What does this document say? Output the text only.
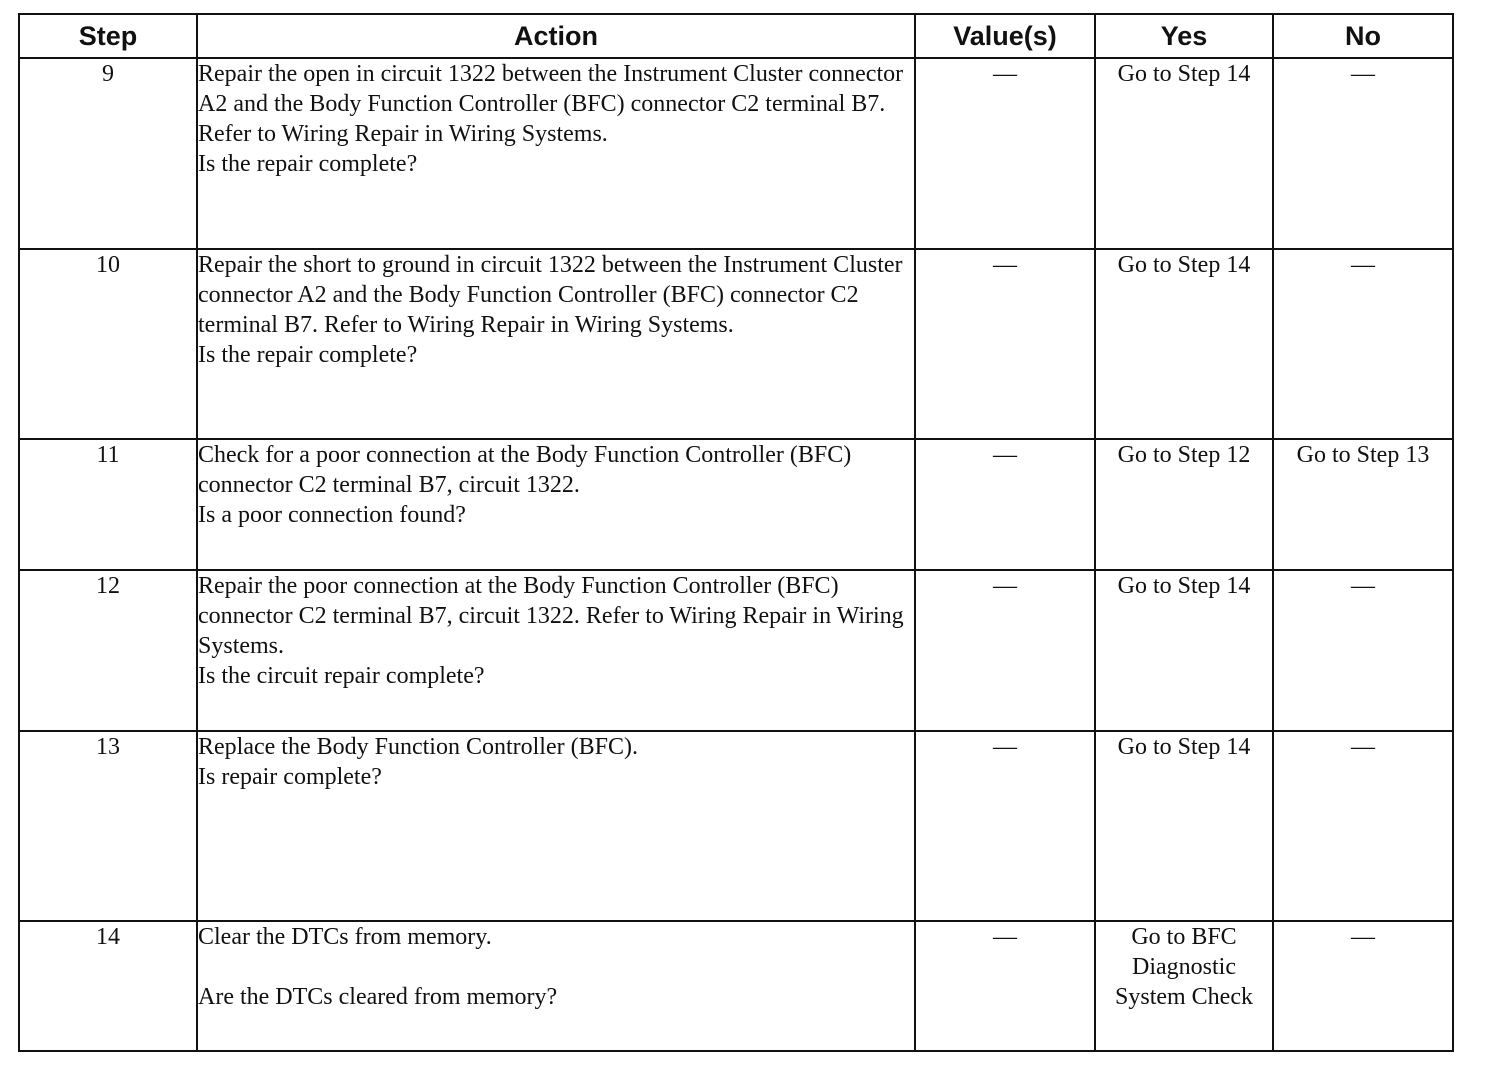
Step	Action	Value(s)	Yes	No
9	Repair the open in circuit 1322 between the Instrument Cluster connector A2 and the Body Function Controller (BFC) connector C2 terminal B7. Refer to Wiring Repair in Wiring Systems.
Is the repair complete?	—	Go to Step 14	—
10	Repair the short to ground in circuit 1322 between the Instrument Cluster connector A2 and the Body Function Controller (BFC) connector C2 terminal B7. Refer to Wiring Repair in Wiring Systems.
Is the repair complete?	—	Go to Step 14	—
11	Check for a poor connection at the Body Function Controller (BFC) connector C2 terminal B7, circuit 1322.
Is a poor connection found?	—	Go to Step 12	Go to Step 13
12	Repair the poor connection at the Body Function Controller (BFC) connector C2 terminal B7, circuit 1322. Refer to Wiring Repair in Wiring Systems.
Is the circuit repair complete?	—	Go to Step 14	—
13	Replace the Body Function Controller (BFC).
Is repair complete?	—	Go to Step 14	—
14	Clear the DTCs from memory.
Are the DTCs cleared from memory?	—	Go to BFC Diagnostic System Check	—
